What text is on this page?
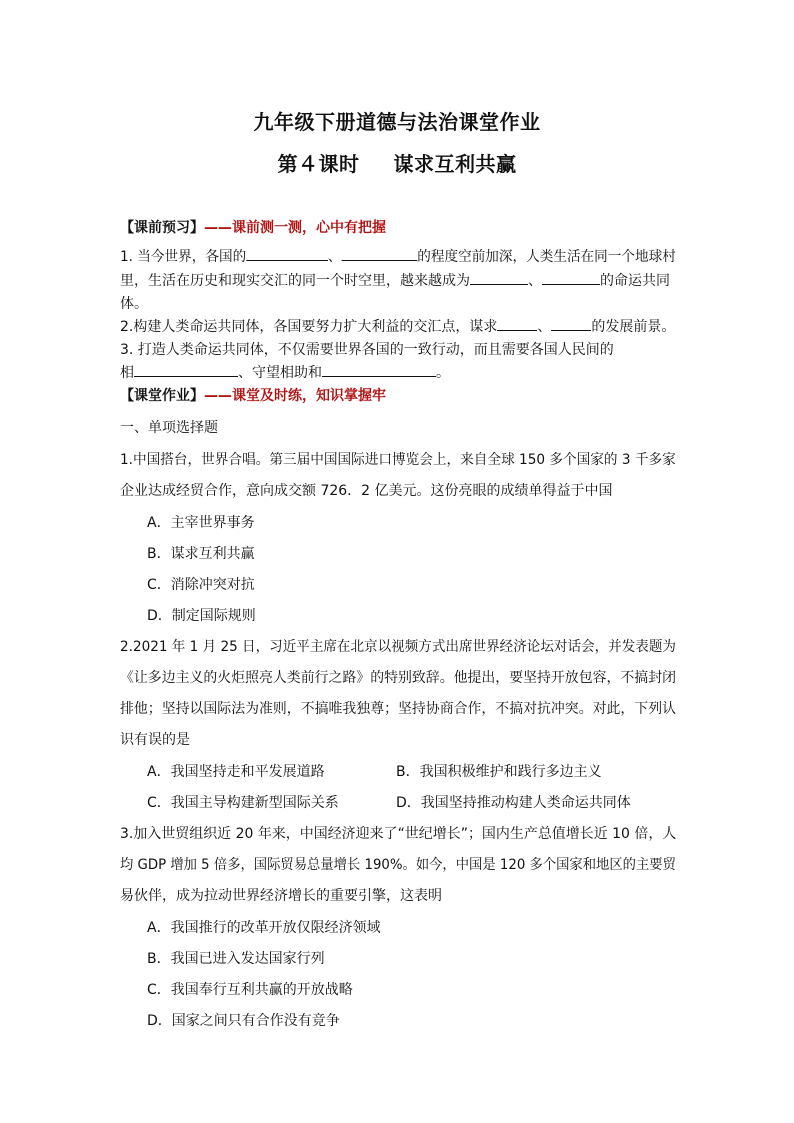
九年级下册道德与法治课堂作业
第４课时 谋求互利共赢
【课前预习】——课前测一测，心中有把握
1. 当今世界，各国的	、	的程度空前加深，人类生活在同一个地球村
里，生活在历史和现实交汇的同一个时空里，越来越成为	、	的命运共同
体。
2.构建人类命运共同体，各国要努力扩大利益的交汇点，谋求	、	的发展前景。
3. 打造人类命运共同体，不仅需要世界各国的一致行动，而且需要各国人民间的
相	、守望相助和	。
【课堂作业】——课堂及时练，知识掌握牢
一、单项选择题
1.中国搭台，世界合唱。第三届中国国际进口博览会上，来自全球 150 多个国家的 3 千多家
企业达成经贸合作，意向成交额 726．2 亿美元。这份亮眼的成绩单得益于中国
A．主宰世界事务
B．谋求互利共赢
C．消除冲突对抗
D．制定国际规则
2.2021 年 1 月 25 日，习近平主席在北京以视频方式出席世界经济论坛对话会，并发表题为
《让多边主义的火炬照亮人类前行之路》的特别致辞。他提出，要坚持开放包容，不搞封闭
排他；坚持以国际法为准则，不搞唯我独尊；坚持协商合作，不搞对抗冲突。对此，下列认
识有误的是
A．我国坚持走和平发展道路	B．我国积极维护和践行多边主义
C．我国主导构建新型国际关系	D．我国坚持推动构建人类命运共同体
3.加入世贸组织近 20 年来，中国经济迎来了“世纪增长”；国内生产总值增长近 10 倍，人
均 GDP 增加 5 倍多，国际贸易总量增长 190%。如今，中国是 120 多个国家和地区的主要贸
易伙伴，成为拉动世界经济增长的重要引擎，这表明
A．我国推行的改革开放仅限经济领域
B．我国已进入发达国家行列
C．我国奉行互利共赢的开放战略
D．国家之间只有合作没有竞争
